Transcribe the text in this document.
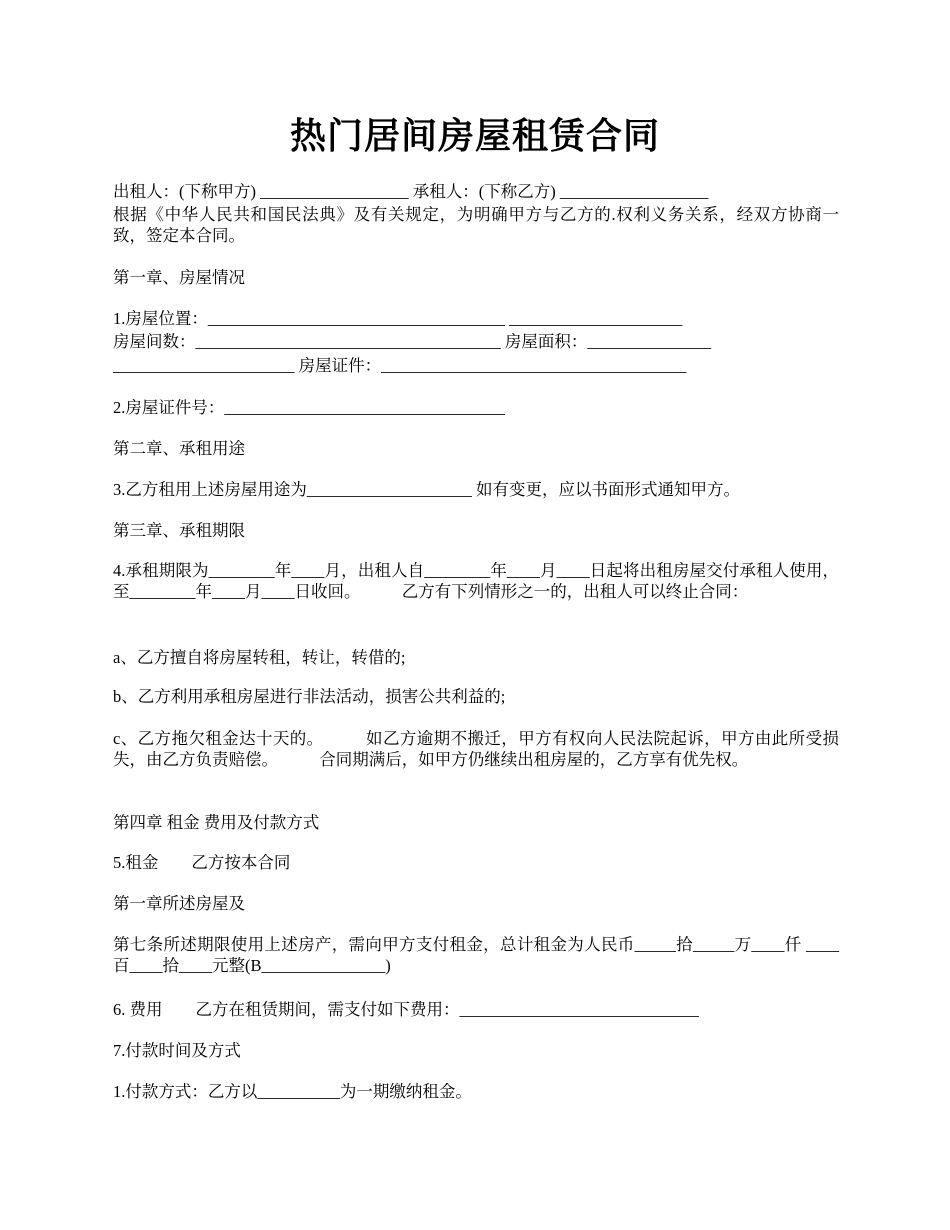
热门居间房屋租赁合同
出租人：(下称甲方) __________________ 承租人：(下称乙方) __________________
根据《中华人民共和国民法典》及有关规定，为明确甲方与乙方的.权利义务关系，经双方协商一致，签定本合同。
第一章、房屋情况
1.房屋位置：____________________________________ _____________________
房屋间数：_____________________________________ 房屋面积：_______________
______________________ 房屋证件：_____________________________________
2.房屋证件号：__________________________________
第二章、承租用途
3.乙方租用上述房屋用途为____________________ 如有变更，应以书面形式通知甲方。
第三章、承租期限
4.承租期限为________年____月，出租人自________年____月____日起将出租房屋交付承租人使用，至________年____月____日收回。　　　乙方有下列情形之一的，出租人可以终止合同：
a、乙方擅自将房屋转租，转让，转借的;
b、乙方利用承租房屋进行非法活动，损害公共利益的;
c、乙方拖欠租金达十天的。　　　如乙方逾期不搬迁，甲方有权向人民法院起诉，甲方由此所受损失，由乙方负责赔偿。　　　合同期满后，如甲方仍继续出租房屋的，乙方享有优先权。
第四章 租金 费用及付款方式
5.租金　　乙方按本合同
第一章所述房屋及
第七条所述期限使用上述房产，需向甲方支付租金，总计租金为人民币_____拾_____万____仟 ____百____拾____元整(B_______________)
6. 费用　　乙方在租赁期间，需支付如下费用：_____________________________
7.付款时间及方式
1.付款方式：乙方以__________为一期缴纳租金。
